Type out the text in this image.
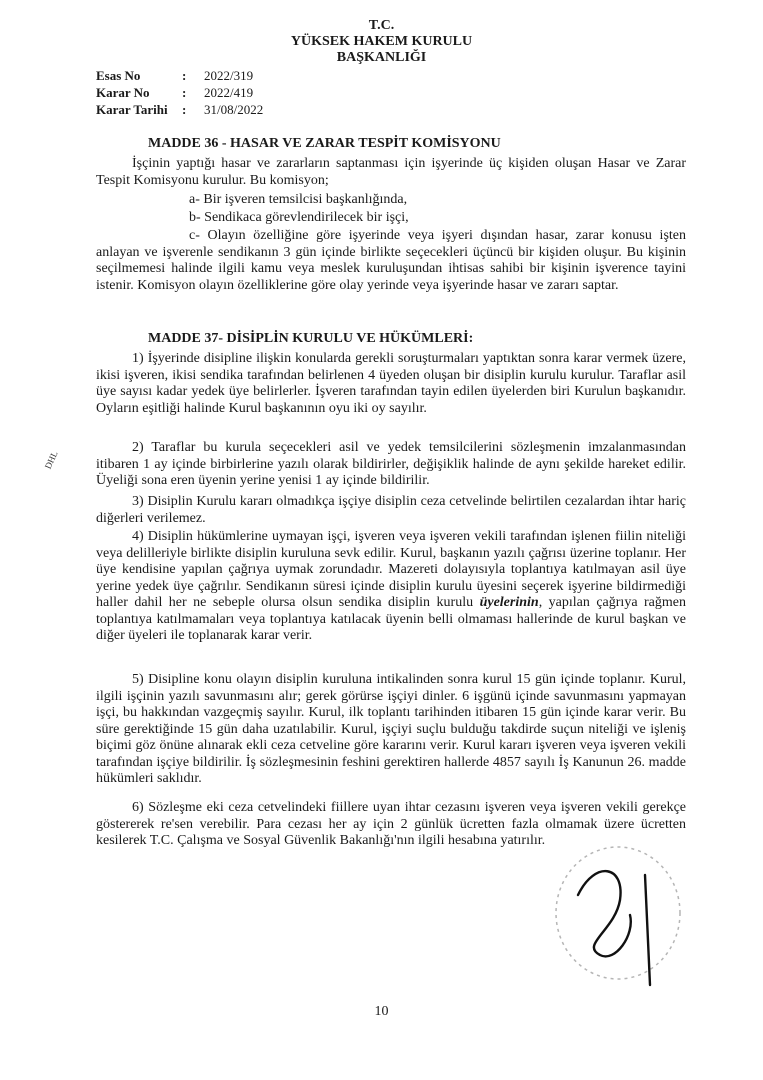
T.C.
YÜKSEK HAKEM KURULU
BAŞKANLIĞI
Esas No	:	2022/319
Karar No	:	2022/419
Karar Tarihi	:	31/08/2022
MADDE 36 - HASAR VE ZARAR TESPİT KOMİSYONU

İşçinin yaptığı hasar ve zararların saptanması için işyerinde üç kişiden oluşan Hasar ve Zarar Tespit Komisyonu kurulur. Bu komisyon;

a- Bir işveren temsilcisi başkanlığında,
b- Sendikaca görevlendirilecek bir işçi,

c- Olayın özelliğine göre işyerinde veya işyeri dışından hasar, zarar konusu işten anlayan ve işverenle sendikanın 3 gün içinde birlikte seçecekleri üçüncü bir kişiden oluşur. Bu kişinin seçilmemesi halinde ilgili kamu veya meslek kuruluşundan ihtisas sahibi bir kişinin işverence tayini istenir. Komisyon olayın özelliklerine göre olay yerinde veya işyerinde hasar ve zararı saptar.

MADDE 37- DİSİPLİN KURULU VE HÜKÜMLERİ:

1) İşyerinde disipline ilişkin konularda gerekli soruşturmaları yaptıktan sonra karar vermek üzere, ikisi işveren, ikisi sendika tarafından belirlenen 4 üyeden oluşan bir disiplin kurulu kurulur. Taraflar asil üye sayısı kadar yedek üye belirlerler. İşveren tarafından tayin edilen üyelerden biri Kurulun başkanıdır. Oyların eşitliği halinde Kurul başkanının oyu iki oy sayılır.

2) Taraflar bu kurula seçecekleri asil ve yedek temsilcilerini sözleşmenin imzalanmasından itibaren 1 ay içinde birbirlerine yazılı olarak bildirirler, değişiklik halinde de aynı şekilde hareket edilir. Üyeliği sona eren üyenin yerine yenisi 1 ay içinde bildirilir.

3) Disiplin Kurulu kararı olmadıkça işçiye disiplin ceza cetvelinde belirtilen cezalardan ihtar hariç diğerleri verilemez.

4) Disiplin hükümlerine uymayan işçi, işveren veya işveren vekili tarafından işlenen fiilin niteliği veya delilleriyle birlikte disiplin kuruluna sevk edilir. Kurul, başkanın yazılı çağrısı üzerine toplanır. Her üye kendisine yapılan çağrıya uymak zorundadır. Mazereti dolayısıyla toplantıya katılmayan asil üye yerine yedek üye çağrılır. Sendikanın süresi içinde disiplin kurulu üyesini seçerek işyerine bildirmediği haller dahil her ne sebeple olursa olsun sendika disiplin kurulu üyelerinin, yapılan çağrıya rağmen toplantıya katılmamaları veya toplantıya katılacak üyenin belli olmaması hallerinde de kurul başkan ve diğer üyeleri ile toplanarak karar verir.

5) Disipline konu olayın disiplin kuruluna intikalinden sonra kurul 15 gün içinde toplanır. Kurul, ilgili işçinin yazılı savunmasını alır; gerek görürse işçiyi dinler. 6 işgünü içinde savunmasını yapmayan işçi, bu hakkından vazgeçmiş sayılır. Kurul, ilk toplantı tarihinden itibaren 15 gün içinde karar verir. Bu süre gerektiğinde 15 gün daha uzatılabilir. Kurul, işçiyi suçlu bulduğu takdirde suçun niteliği ve işleniş biçimi göz önüne alınarak ekli ceza cetveline göre kararını verir. Kurul kararı işveren veya işveren vekili tarafından işçiye bildirilir. İş sözleşmesinin feshini gerektiren hallerde 4857 sayılı İş Kanunun 26. madde hükümleri saklıdır.

6) Sözleşme eki ceza cetvelindeki fiillere uyan ihtar cezasını işveren veya işveren vekili gerekçe göstererek re'sen verebilir. Para cezası her ay için 2 günlük ücretten fazla olmamak üzere ücretten kesilerek T.C. Çalışma ve Sosyal Güvenlik Bakanlığı'nın ilgili hesabına yatırılır.

DHL
10
